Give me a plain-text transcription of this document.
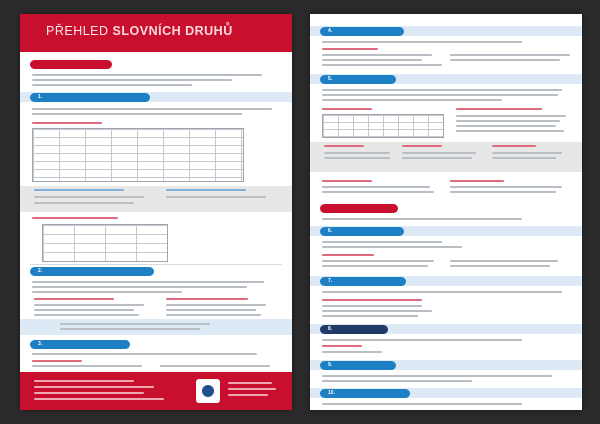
PŘEHLED SLOVNÍCH DRUHŮ
1.
2.
3.
4.
5.
6.
7.
8.
9.
10.
